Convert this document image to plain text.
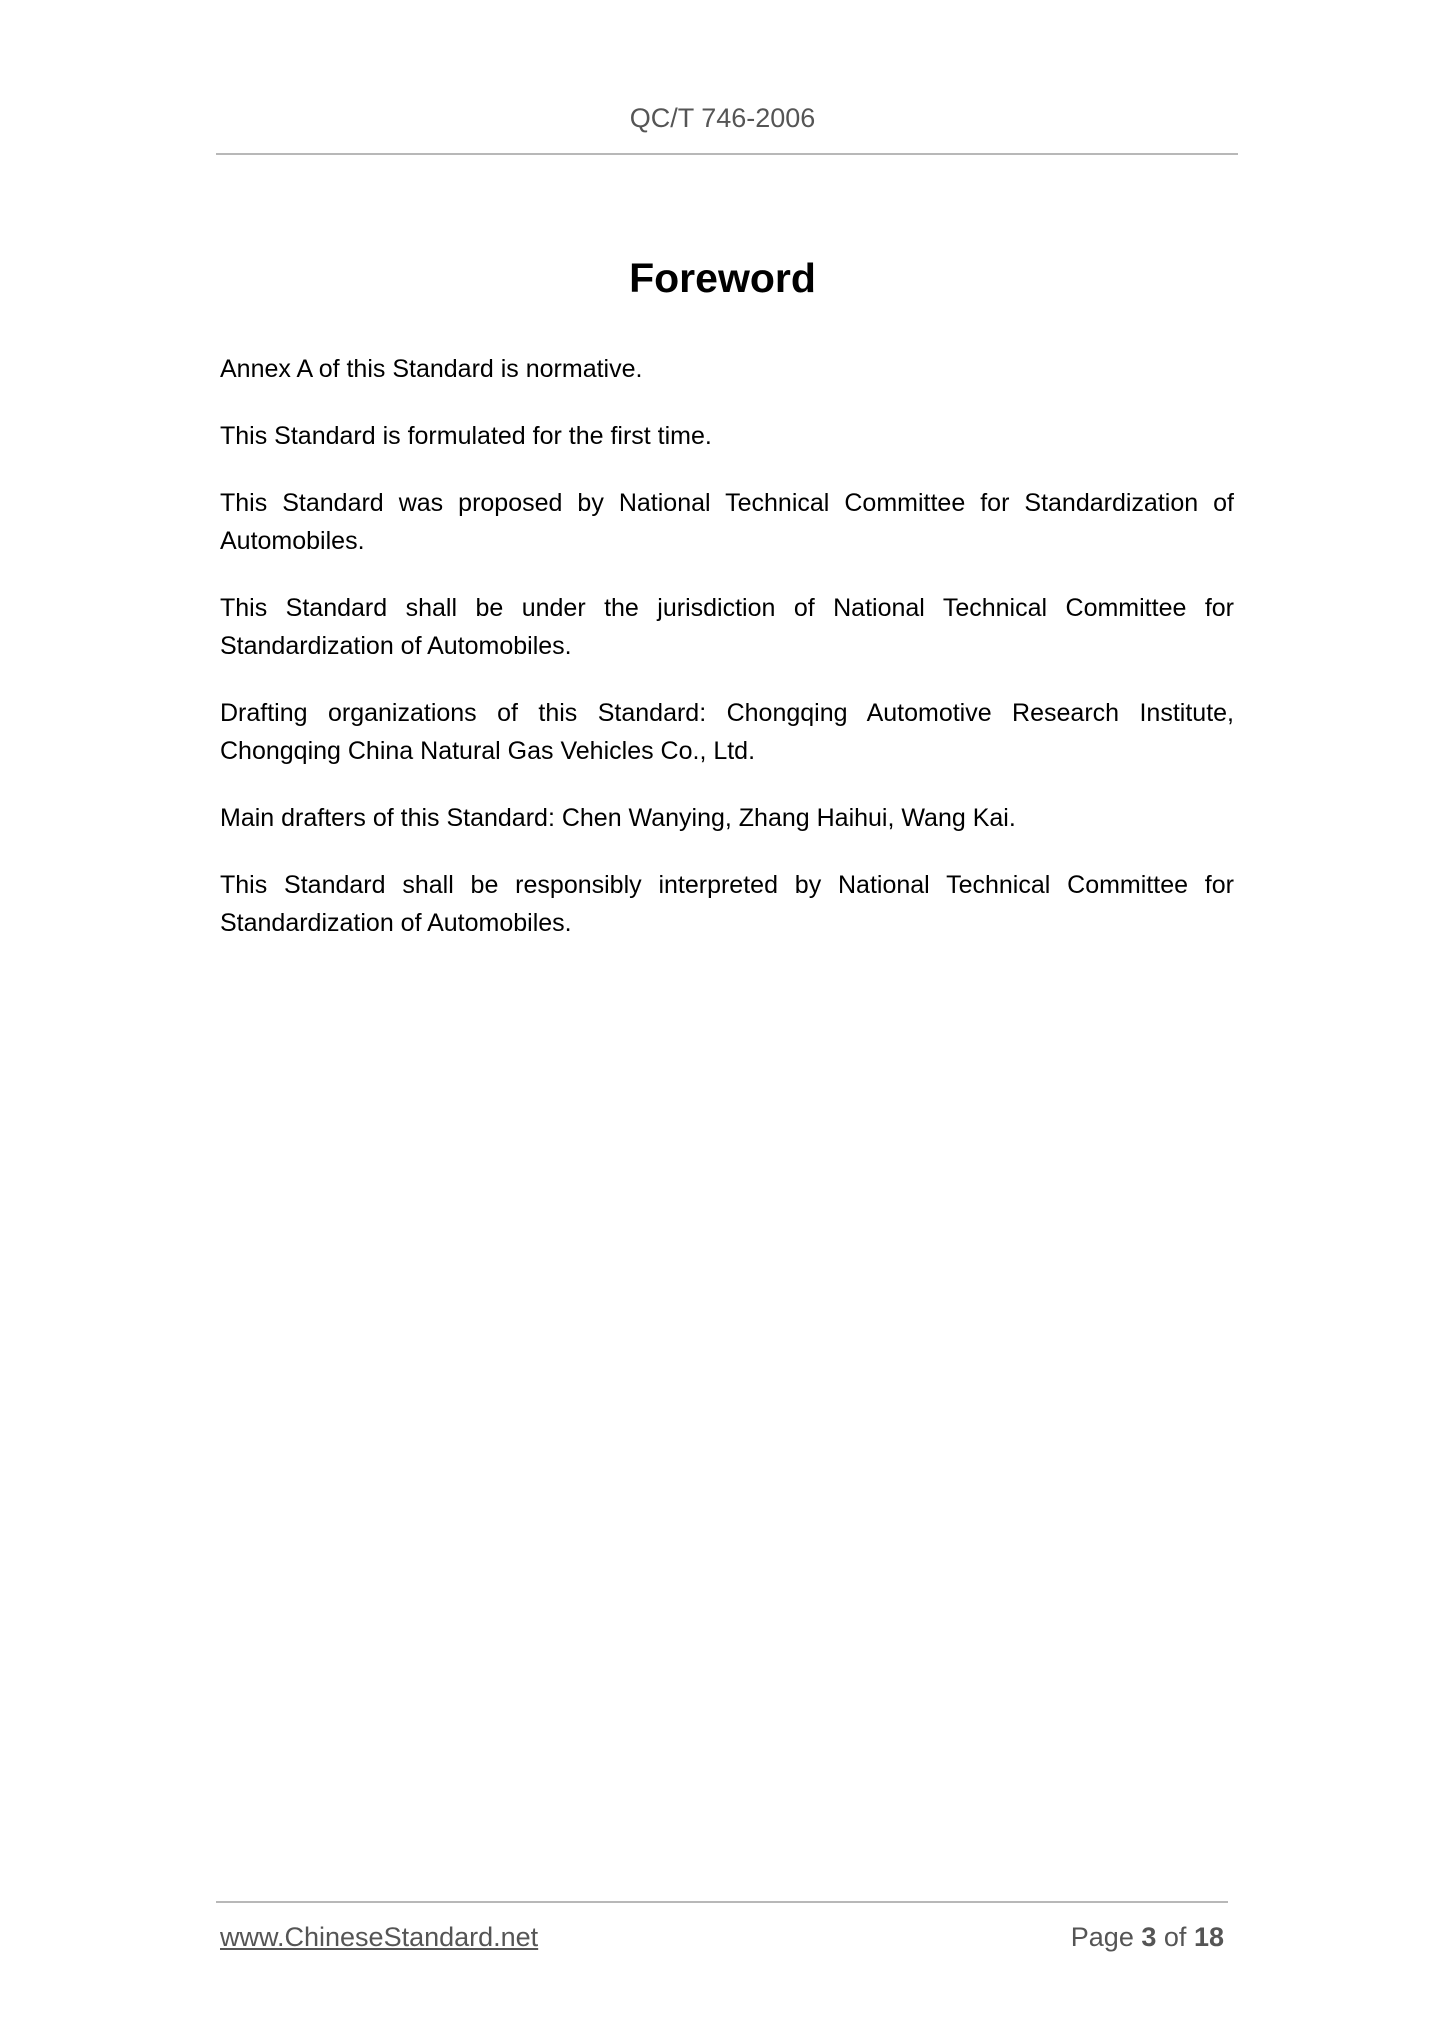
QC/T 746-2006
Foreword

Annex A of this Standard is normative.

This Standard is formulated for the first time.

This Standard was proposed by National Technical Committee for Standardization of Automobiles.

This Standard shall be under the jurisdiction of National Technical Committee for Standardization of Automobiles.

Drafting organizations of this Standard: Chongqing Automotive Research Institute, Chongqing China Natural Gas Vehicles Co., Ltd.

Main drafters of this Standard: Chen Wanying, Zhang Haihui, Wang Kai.

This Standard shall be responsibly interpreted by National Technical Committee for Standardization of Automobiles.

www.ChineseStandard.net	Page 3 of 18
